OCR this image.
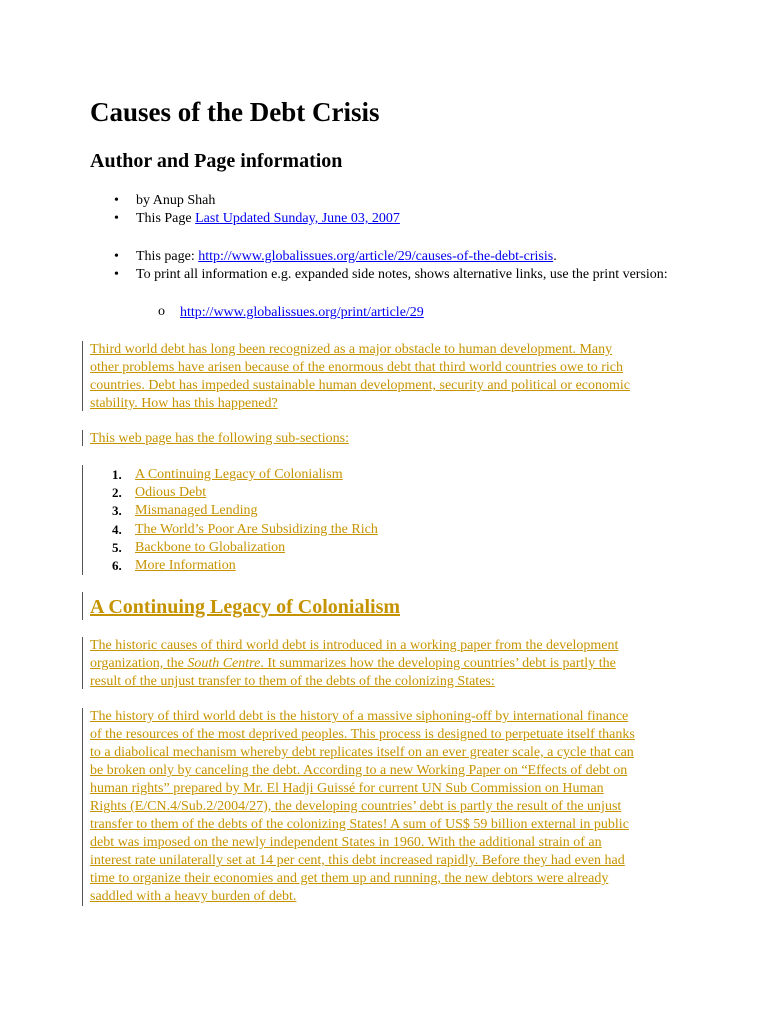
Causes of the Debt Crisis
Author and Page information
• by Anup Shah
• This Page Last Updated Sunday, June 03, 2007
• This page: http://www.globalissues.org/article/29/causes-of-the-debt-crisis.
• To print all information e.g. expanded side notes, shows alternative links, use the print version:
o http://www.globalissues.org/print/article/29
Third world debt has long been recognized as a major obstacle to human development. Many
other problems have arisen because of the enormous debt that third world countries owe to rich
countries. Debt has impeded sustainable human development, security and political or economic
stability. How has this happened?
This web page has the following sub-sections:
1. A Continuing Legacy of Colonialism
2. Odious Debt
3. Mismanaged Lending
4. The World’s Poor Are Subsidizing the Rich
5. Backbone to Globalization
6. More Information
A Continuing Legacy of Colonialism
The historic causes of third world debt is introduced in a working paper from the development
organization, the South Centre. It summarizes how the developing countries’ debt is partly the
result of the unjust transfer to them of the debts of the colonizing States:
The history of third world debt is the history of a massive siphoning-off by international finance
of the resources of the most deprived peoples. This process is designed to perpetuate itself thanks
to a diabolical mechanism whereby debt replicates itself on an ever greater scale, a cycle that can
be broken only by canceling the debt. According to a new Working Paper on “Effects of debt on
human rights” prepared by Mr. El Hadji Guissé for current UN Sub Commission on Human
Rights (E/CN.4/Sub.2/2004/27), the developing countries’ debt is partly the result of the unjust
transfer to them of the debts of the colonizing States! A sum of US$ 59 billion external in public
debt was imposed on the newly independent States in 1960. With the additional strain of an
interest rate unilaterally set at 14 per cent, this debt increased rapidly. Before they had even had
time to organize their economies and get them up and running, the new debtors were already
saddled with a heavy burden of debt.
